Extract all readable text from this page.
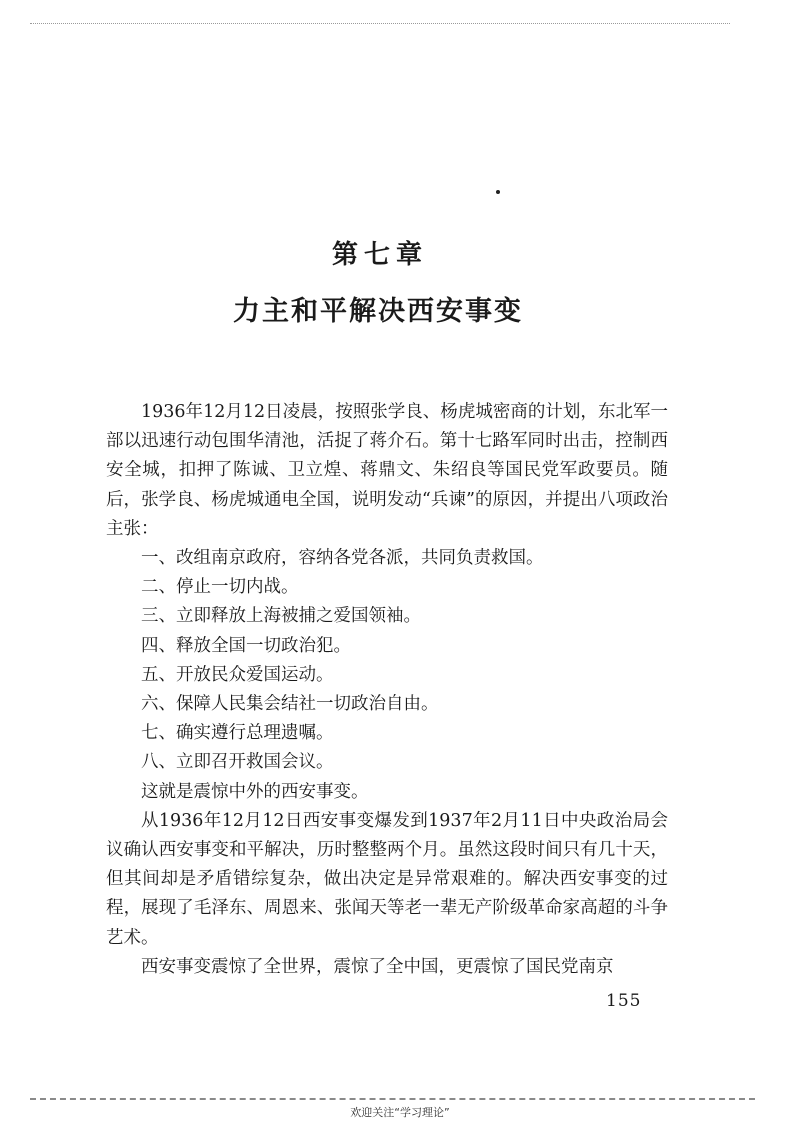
第七章
力主和平解决西安事变

1936年12月12日凌晨，按照张学良、杨虎城密商的计划，东北军一部以迅速行动包围华清池，活捉了蒋介石。第十七路军同时出击，控制西安全城，扣押了陈诚、卫立煌、蒋鼎文、朱绍良等国民党军政要员。随后，张学良、杨虎城通电全国，说明发动“兵谏”的原因，并提出八项政治主张：

一、改组南京政府，容纳各党各派，共同负责救国。

二、停止一切内战。

三、立即释放上海被捕之爱国领袖。

四、释放全国一切政治犯。

五、开放民众爱国运动。

六、保障人民集会结社一切政治自由。

七、确实遵行总理遗嘱。

八、立即召开救国会议。

这就是震惊中外的西安事变。

从1936年12月12日西安事变爆发到1937年2月11日中央政治局会议确认西安事变和平解决，历时整整两个月。虽然这段时间只有几十天，但其间却是矛盾错综复杂，做出决定是异常艰难的。解决西安事变的过程，展现了毛泽东、周恩来、张闻天等老一辈无产阶级革命家高超的斗争艺术。

西安事变震惊了全世界，震惊了全中国，更震惊了国民党南京

155
欢迎关注“学习理论”
